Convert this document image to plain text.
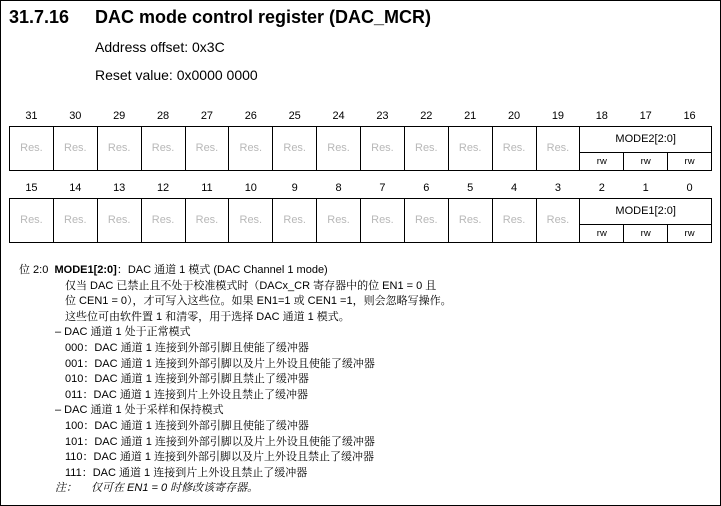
31.7.16 DAC mode control register (DAC_MCR)
Address offset: 0x3C
Reset value: 0x0000 0000
31	30	29	28	27	26	25	24	23	22	21	20	19	18	17	16
Res.	Res.	Res.	Res.	Res.	Res.	Res.	Res.	Res.	Res.	Res.	Res.	Res.	MODE2[2:0]		
													rw	rw	rw
15	14	13	12	11	10	9	8	7	6	5	4	3	2	1	0
Res.	Res.	Res.	Res.	Res.	Res.	Res.	Res.	Res.	Res.	Res.	Res.	Res.	MODE1[2:0]		
													rw	rw	rw
位 2:0 MODE1[2:0]：DAC 通道 1 模式 (DAC Channel 1 mode)
仅当 DAC 已禁止且不处于校准模式时（DACx_CR 寄存器中的位 EN1 = 0 且
位 CEN1 = 0），才可写入这些位。如果 EN1=1 或 CEN1 =1，则会忽略写操作。
这些位可由软件置 1 和清零，用于选择 DAC 通道 1 模式。
– DAC 通道 1 处于正常模式
000：DAC 通道 1 连接到外部引脚且使能了缓冲器
001：DAC 通道 1 连接到外部引脚以及片上外设且使能了缓冲器
010：DAC 通道 1 连接到外部引脚且禁止了缓冲器
011：DAC 通道 1 连接到片上外设且禁止了缓冲器
– DAC 通道 1 处于采样和保持模式
100：DAC 通道 1 连接到外部引脚且使能了缓冲器
101：DAC 通道 1 连接到外部引脚以及片上外设且使能了缓冲器
110：DAC 通道 1 连接到外部引脚以及片上外设且禁止了缓冲器
111：DAC 通道 1 连接到片上外设且禁止了缓冲器
注： 仅可在 EN1 = 0 时修改该寄存器。
